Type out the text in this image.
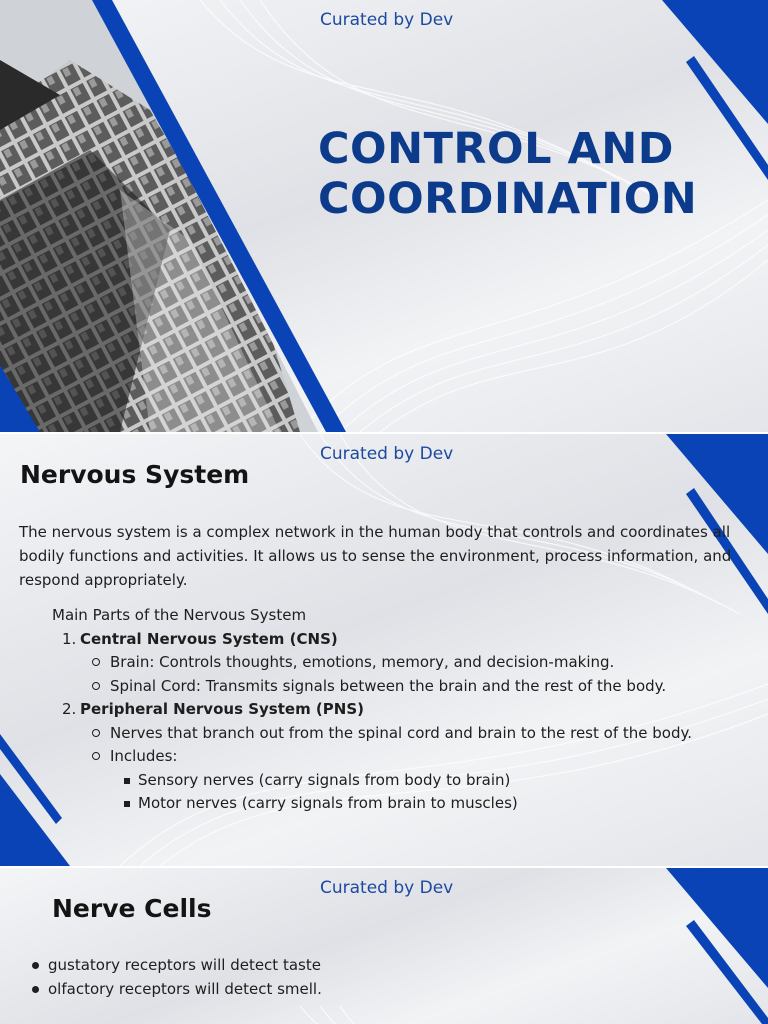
Curated by Dev
CONTROL AND
COORDINATION
Curated by Dev
Nervous System

The nervous system is a complex network in the human body that controls and coordinates all bodily functions and activities. It allows us to sense the environment, process information, and respond appropriately.

Main Parts of the Nervous System
1. Central Nervous System (CNS)
Brain: Controls thoughts, emotions, memory, and decision-making.
Spinal Cord: Transmits signals between the brain and the rest of the body.
2. Peripheral Nervous System (PNS)
Nerves that branch out from the spinal cord and brain to the rest of the body.
Includes:
Sensory nerves (carry signals from body to brain)
Motor nerves (carry signals from brain to muscles)
Curated by Dev
Nerve Cells
gustatory receptors will detect taste
olfactory receptors will detect smell.
